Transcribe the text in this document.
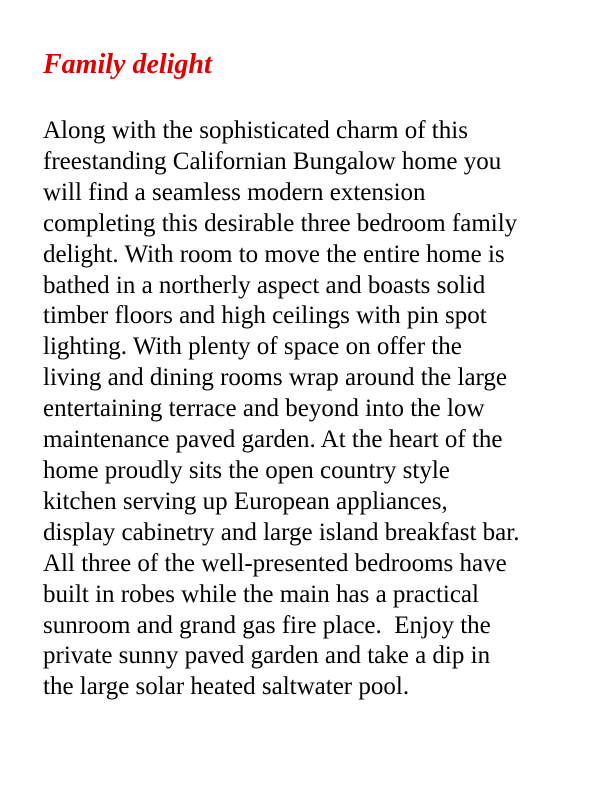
Family delight
Along with the sophisticated charm of this
freestanding Californian Bungalow home you
will find a seamless modern extension
completing this desirable three bedroom family
delight. With room to move the entire home is
bathed in a northerly aspect and boasts solid
timber floors and high ceilings with pin spot
lighting. With plenty of space on offer the
living and dining rooms wrap around the large
entertaining terrace and beyond into the low
maintenance paved garden. At the heart of the
home proudly sits the open country style
kitchen serving up European appliances,
display cabinetry and large island breakfast bar.
All three of the well-presented bedrooms have
built in robes while the main has a practical
sunroom and grand gas fire place.  Enjoy the
private sunny paved garden and take a dip in
the large solar heated saltwater pool.
